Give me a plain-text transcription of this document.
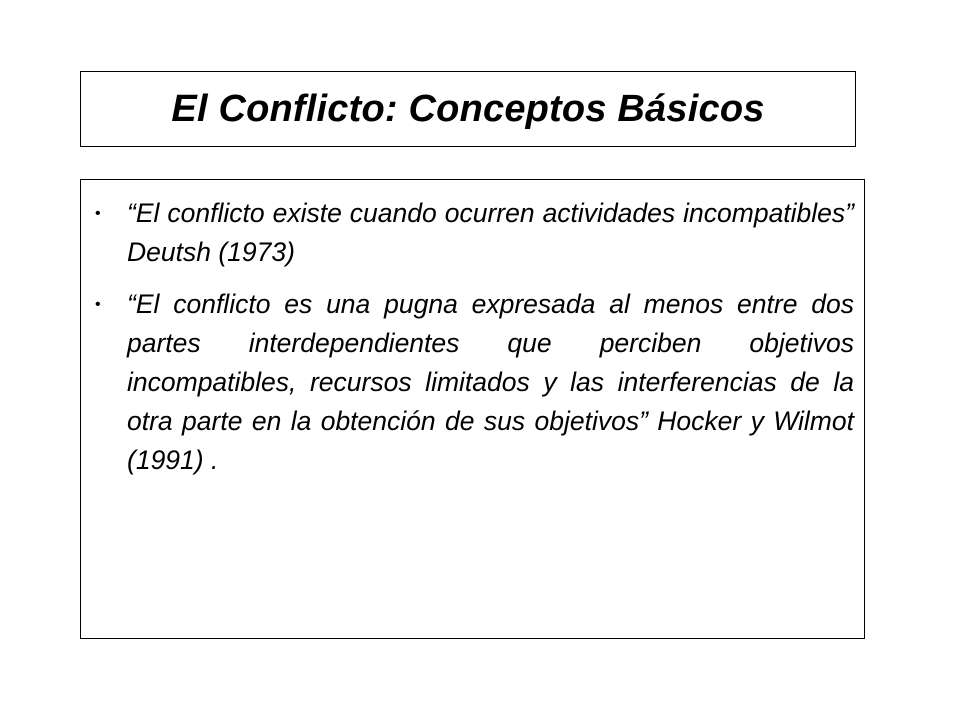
El Conflicto: Conceptos Básicos
• “El conflicto existe cuando ocurren actividades incompatibles” Deutsh (1973)
• “El conflicto es una pugna expresada al menos entre dos partes interdependientes que perciben objetivos incompatibles, recursos limitados y las interferencias de la otra parte en la obtención de sus objetivos” Hocker y Wilmot (1991) .
